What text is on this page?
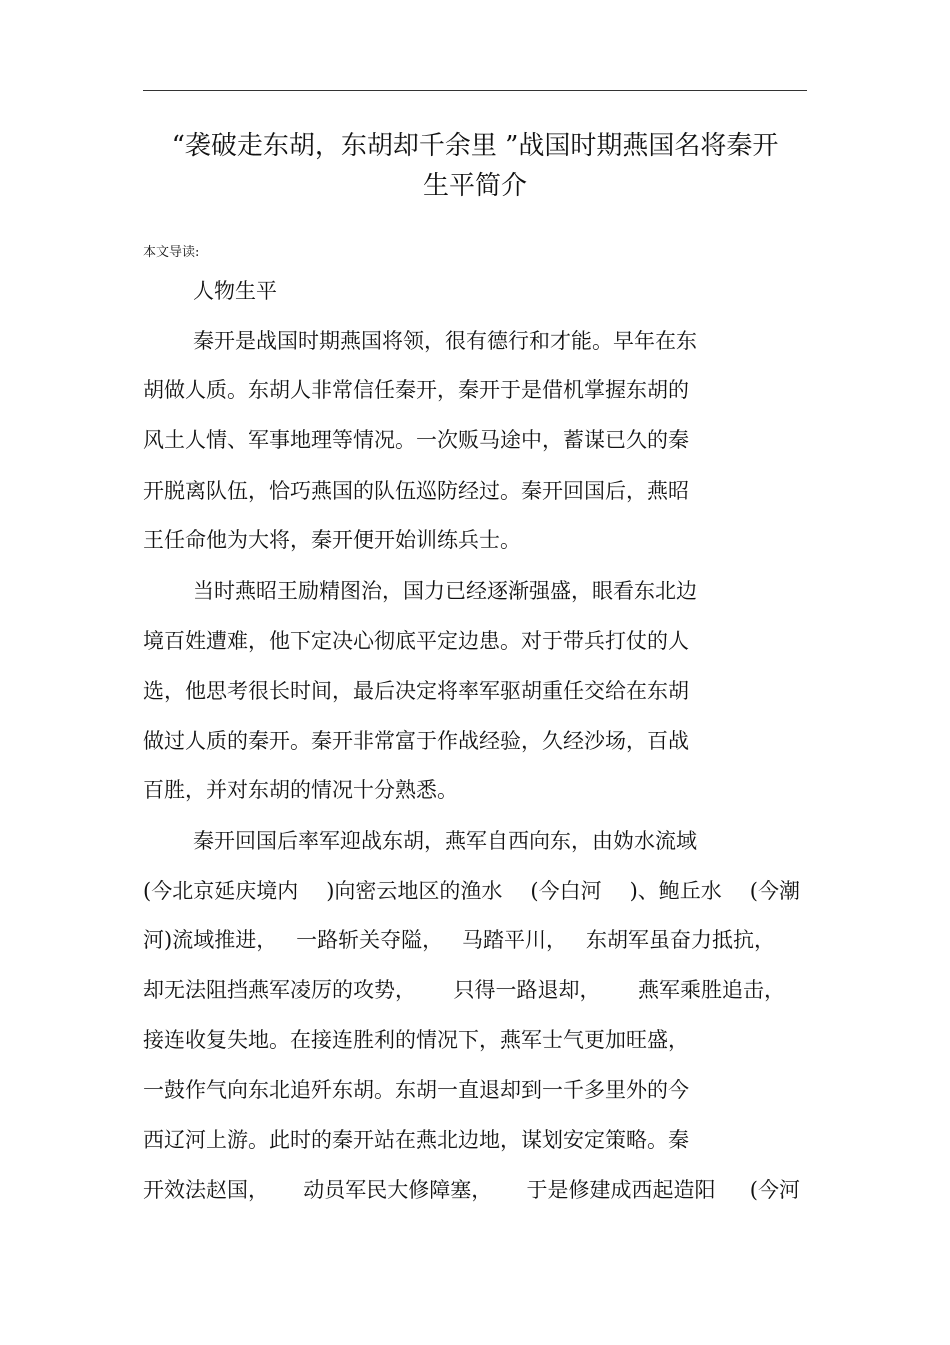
“袭破走东胡，东胡却千余里 ”战国时期燕国名将秦开
生平简介
本文导读:
人物生平
秦开是战国时期燕国将领，很有德行和才能。早年在东
胡做人质。东胡人非常信任秦开，秦开于是借机掌握东胡的
风土人情、军事地理等情况。一次贩马途中，蓄谋已久的秦
开脱离队伍，恰巧燕国的队伍巡防经过。秦开回国后，燕昭
王任命他为大将，秦开便开始训练兵士。
当时燕昭王励精图治，国力已经逐渐强盛，眼看东北边
境百姓遭难，他下定决心彻底平定边患。对于带兵打仗的人
选，他思考很长时间，最后决定将率军驱胡重任交给在东胡
做过人质的秦开。秦开非常富于作战经验，久经沙场，百战
百胜，并对东胡的情况十分熟悉。
秦开回国后率军迎战东胡，燕军自西向东，由妫水流域
(今北京延庆境内 )向密云地区的渔水 (今白河 )、鲍丘水 (今潮
河)流域推进， 一路斩关夺隘， 马踏平川， 东胡军虽奋力抵抗，
却无法阻挡燕军凌厉的攻势， 只得一路退却， 燕军乘胜追击，
接连收复失地。在接连胜利的情况下，燕军士气更加旺盛，
一鼓作气向东北追歼东胡。东胡一直退却到一千多里外的今
西辽河上游。此时的秦开站在燕北边地，谋划安定策略。秦
开效法赵国， 动员军民大修障塞， 于是修建成西起造阳 (今河
